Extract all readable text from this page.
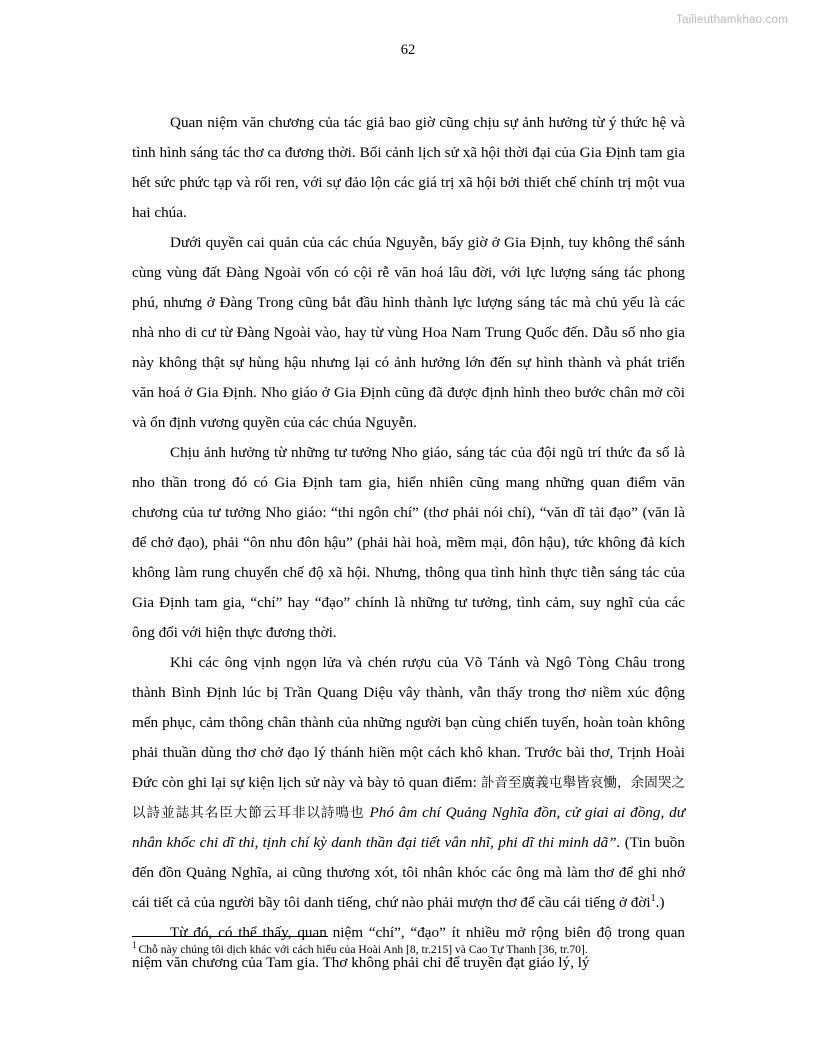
Tailieuthamkhao.com
62

Quan niệm văn chương của tác giả bao giờ cũng chịu sự ảnh hưởng từ ý thức hệ và tình hình sáng tác thơ ca đương thời. Bối cảnh lịch sử xã hội thời đại của Gia Định tam gia hết sức phức tạp và rối ren, với sự đảo lộn các giá trị xã hội bởi thiết chế chính trị một vua hai chúa.

Dưới quyền cai quản của các chúa Nguyễn, bấy giờ ở Gia Định, tuy không thể sánh cùng vùng đất Đàng Ngoài vốn có cội rễ văn hoá lâu đời, với lực lượng sáng tác phong phú, nhưng ở Đàng Trong cũng bắt đầu hình thành lực lượng sáng tác mà chủ yếu là các nhà nho di cư từ Đàng Ngoài vào, hay từ vùng Hoa Nam Trung Quốc đến. Dẫu số nho gia này không thật sự hùng hậu nhưng lại có ảnh hưởng lớn đến sự hình thành và phát triển văn hoá ở Gia Định. Nho giáo ở Gia Định cũng đã được định hình theo bước chân mở cõi và ổn định vương quyền của các chúa Nguyễn.

Chịu ảnh hưởng từ những tư tưởng Nho giáo, sáng tác của đội ngũ trí thức đa số là nho thần trong đó có Gia Định tam gia, hiển nhiên cũng mang những quan điểm văn chương của tư tưởng Nho giáo: “thi ngôn chí” (thơ phải nói chí), “văn dĩ tải đạo” (văn là để chở đạo), phải “ôn nhu đôn hậu” (phải hài hoà, mềm mại, đôn hậu), tức không đả kích không làm rung chuyển chế độ xã hội. Nhưng, thông qua tình hình thực tiễn sáng tác của Gia Định tam gia, “chí” hay “đạo” chính là những tư tưởng, tình cảm, suy nghĩ của các ông đối với hiện thực đương thời.

Khi các ông vịnh ngọn lửa và chén rượu của Võ Tánh và Ngô Tòng Châu trong thành Bình Định lúc bị Trần Quang Diệu vây thành, vẫn thấy trong thơ niềm xúc động mến phục, cảm thông chân thành của những người bạn cùng chiến tuyến, hoàn toàn không phải thuần dùng thơ chở đạo lý thánh hiền một cách khô khan. Trước bài thơ, Trịnh Hoài Đức còn ghi lại sự kiện lịch sử này và bày tỏ quan điểm: 訃音至廣義屯舉皆哀慟，余固哭之以詩並誌其名臣大節云耳非以詩鳴也 Phó âm chí Quảng Nghĩa đồn, cử giai ai đồng, dư nhân khốc chi dĩ thi, tịnh chí kỳ danh thần đại tiết vân nhĩ, phi dĩ thi minh dã”. (Tin buồn đến đồn Quảng Nghĩa, ai cũng thương xót, tôi nhân khóc các ông mà làm thơ để ghi nhớ cái tiết cả của người bầy tôi danh tiếng, chứ nào phải mượn thơ để cầu cái tiếng ở đời$^1$.)

Từ đó, có thể thấy, quan niệm “chí”, “đạo” ít nhiều mở rộng biên độ trong quan niệm văn chương của Tam gia. Thơ không phải chỉ để truyền đạt giáo lý, lý

$^1$ Chỗ này chúng tôi dịch khác với cách hiểu của Hoài Anh [8, tr.215] và Cao Tự Thanh [36, tr.70].
